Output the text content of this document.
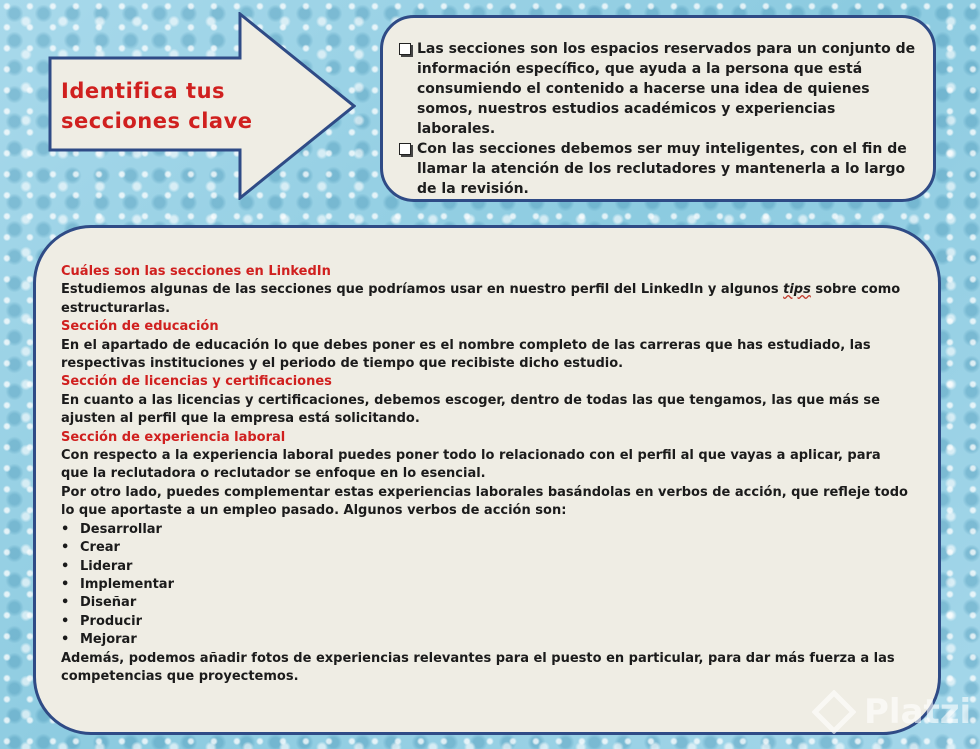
Identifica tus
secciones clave
Las secciones son los espacios reservados para un conjunto de información específico, que ayuda a la persona que está consumiendo el contenido a hacerse una idea de quienes somos, nuestros estudios académicos y experiencias laborales.
Con las secciones debemos ser muy inteligentes, con el fin de llamar la atención de los reclutadores y mantenerla a lo largo de la revisión.

Cuáles son las secciones en LinkedIn

Estudiemos algunas de las secciones que podríamos usar en nuestro perfil del LinkedIn y algunos tips sobre como estructurarlas.

Sección de educación

En el apartado de educación lo que debes poner es el nombre completo de las carreras que has estudiado, las respectivas instituciones y el periodo de tiempo que recibiste dicho estudio.

Sección de licencias y certificaciones

En cuanto a las licencias y certificaciones, debemos escoger, dentro de todas las que tengamos, las que más se ajusten al perfil que la empresa está solicitando.

Sección de experiencia laboral

Con respecto a la experiencia laboral puedes poner todo lo relacionado con el perfil al que vayas a aplicar, para que la reclutadora o reclutador se enfoque en lo esencial.

Por otro lado, puedes complementar estas experiencias laborales basándolas en verbos de acción, que refleje todo lo que aportaste a un empleo pasado. Algunos verbos de acción son:

• Desarrollar
• Crear
• Liderar
• Implementar
• Diseñar
• Producir
• Mejorar

Además, podemos añadir fotos de experiencias relevantes para el puesto en particular, para dar más fuerza a las competencias que proyectemos.

Platzi
